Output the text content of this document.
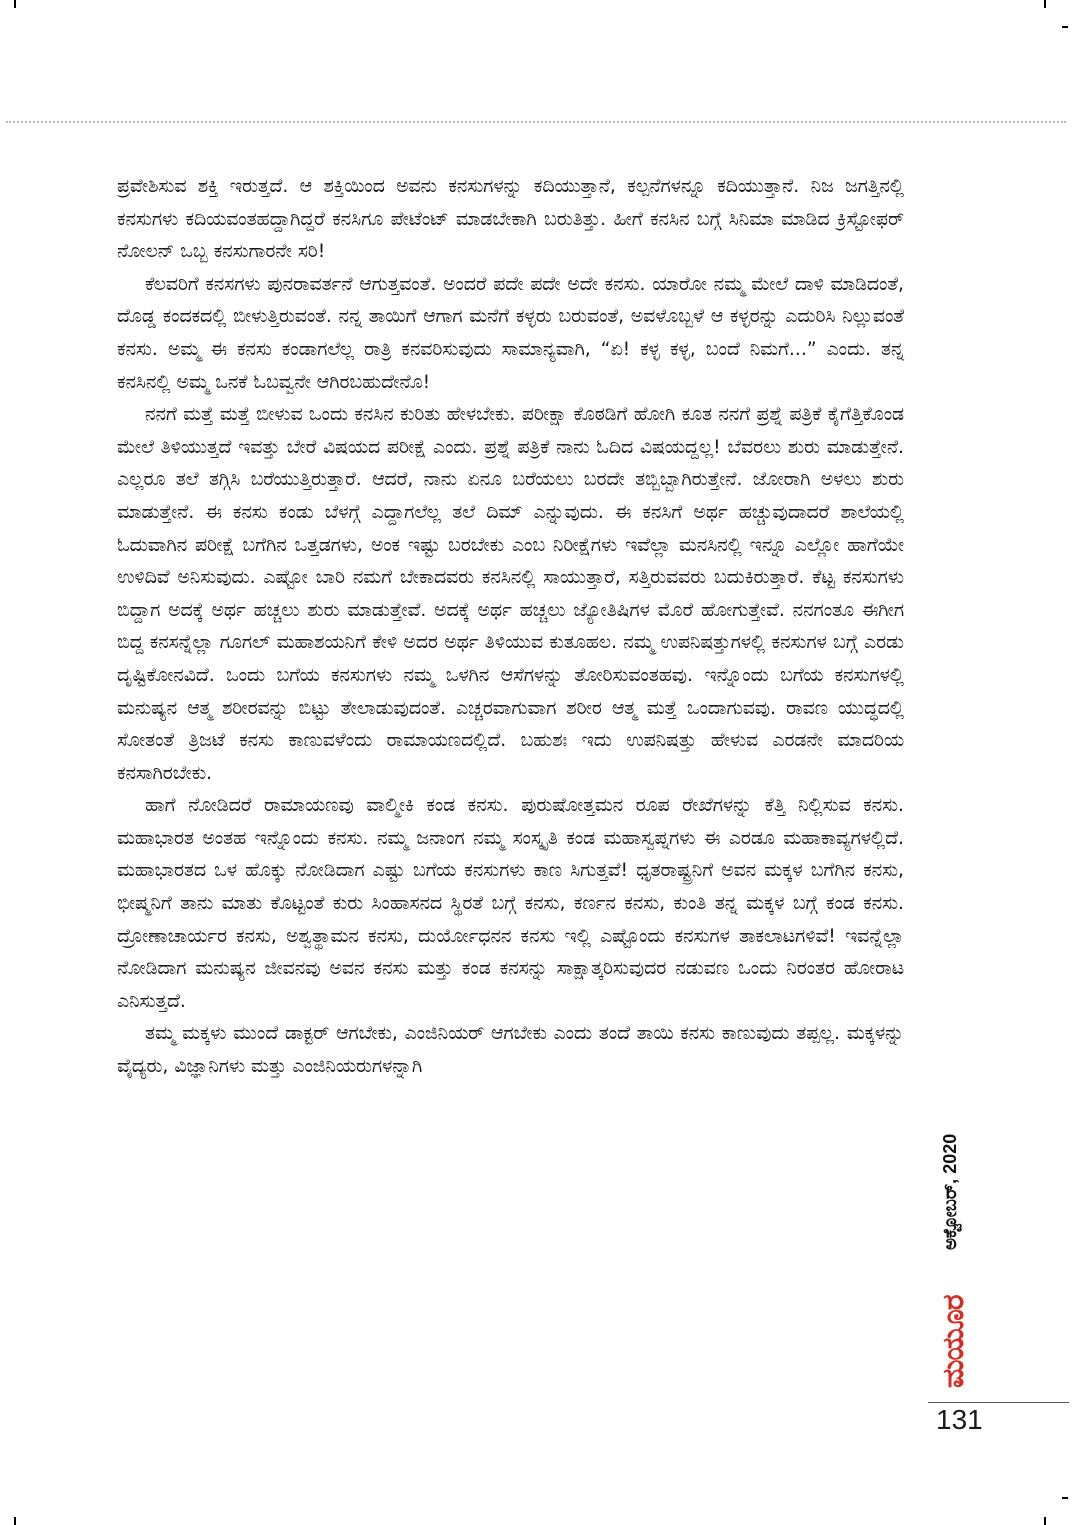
ಪ್ರವೇಶಿಸುವ ಶಕ್ತಿ ಇರುತ್ತದೆ. ಆ ಶಕ್ತಿಯಿಂದ ಅವನು ಕನಸುಗಳನ್ನು ಕದಿಯುತ್ತಾನೆ, ಕಲ್ಪನೆಗಳನ್ನೂ ಕದಿಯುತ್ತಾನೆ. ನಿಜ ಜಗತ್ತಿನಲ್ಲಿ ಕನಸುಗಳು ಕದಿಯವಂತಹದ್ದಾಗಿದ್ದರೆ ಕನಸಿಗೂ ಪೇಟೆಂಟ್ ಮಾಡಬೇಕಾಗಿ ಬರುತಿತ್ತು. ಹೀಗೆ ಕನಸಿನ ಬಗ್ಗೆ ಸಿನಿಮಾ ಮಾಡಿದ ಕ್ರಿಸ್ಟೋಫರ್ ನೋಲನ್ ಒಬ್ಬ ಕನಸುಗಾರನೇ ಸರಿ!

ಕೆಲವರಿಗೆ ಕನಸಗಳು ಪುನರಾವರ್ತನೆ ಆಗುತ್ತವಂತೆ. ಅಂದರೆ ಪದೇ ಪದೇ ಅದೇ ಕನಸು. ಯಾರೋ ನಮ್ಮ ಮೇಲೆ ದಾಳಿ ಮಾಡಿದಂತೆ, ದೊಡ್ಡ ಕಂದಕದಲ್ಲಿ ಬೀಳುತ್ತಿರುವಂತೆ. ನನ್ನ ತಾಯಿಗೆ ಆಗಾಗ ಮನೆಗೆ ಕಳ್ಳರು ಬರುವಂತೆ, ಅವಳೊಬ್ಬಳೆ ಆ ಕಳ್ಳರನ್ನು ಎದುರಿಸಿ ನಿಲ್ಲುವಂತೆ ಕನಸು. ಅಮ್ಮ ಈ ಕನಸು ಕಂಡಾಗಲೆಲ್ಲ ರಾತ್ರಿ ಕನವರಿಸುವುದು ಸಾಮಾನ್ಯವಾಗಿ, “ಏ! ಕಳ್ಳ ಕಳ್ಳ, ಬಂದೆ ನಿಮಗೆ...” ಎಂದು. ತನ್ನ ಕನಸಿನಲ್ಲಿ ಅಮ್ಮ ಒನಕೆ ಓಬವ್ವನೇ ಆಗಿರಬಹುದೇನೊ!

ನನಗೆ ಮತ್ತೆ ಮತ್ತೆ ಬೀಳುವ ಒಂದು ಕನಸಿನ ಕುರಿತು ಹೇಳಬೇಕು. ಪರೀಕ್ಷಾ ಕೊಠಡಿಗೆ ಹೋಗಿ ಕೂತ ನನಗೆ ಪ್ರಶ್ನೆ ಪತ್ರಿಕೆ ಕೈಗೆತ್ತಿಕೊಂಡ ಮೇಲೆ ತಿಳಿಯುತ್ತದೆ ಇವತ್ತು ಬೇರೆ ವಿಷಯದ ಪರೀಕ್ಷೆ ಎಂದು. ಪ್ರಶ್ನೆ ಪತ್ರಿಕೆ ನಾನು ಓದಿದ ವಿಷಯದ್ದಲ್ಲ! ಬೆವರಲು ಶುರು ಮಾಡುತ್ತೇನೆ. ಎಲ್ಲರೂ ತಲೆ ತಗ್ಗಿಸಿ ಬರೆಯುತ್ತಿರುತ್ತಾರೆ. ಆದರೆ, ನಾನು ಏನೂ ಬರೆಯಲು ಬರದೇ ತಬ್ಬಿಬ್ಬಾಗಿರುತ್ತೇನೆ. ಜೋರಾಗಿ ಅಳಲು ಶುರು ಮಾಡುತ್ತೇನೆ. ಈ ಕನಸು ಕಂಡು ಬೆಳಗ್ಗೆ ಎದ್ದಾಗಲೆಲ್ಲ ತಲೆ ದಿಮ್ ಎನ್ನುವುದು. ಈ ಕನಸಿಗೆ ಅರ್ಥ ಹಚ್ಚುವುದಾದರೆ ಶಾಲೆಯಲ್ಲಿ ಓದುವಾಗಿನ ಪರೀಕ್ಷೆ ಬಗೆಗಿನ ಒತ್ತಡಗಳು, ಅಂಕ ಇಷ್ಟು ಬರಬೇಕು ಎಂಬ ನಿರೀಕ್ಷೆಗಳು ಇವೆಲ್ಲಾ ಮನಸಿನಲ್ಲಿ ಇನ್ನೂ ಎಲ್ಲೋ ಹಾಗೆಯೇ ಉಳಿದಿವೆ ಅನಿಸುವುದು. ಎಷ್ಟೋ ಬಾರಿ ನಮಗೆ ಬೇಕಾದವರು ಕನಸಿನಲ್ಲಿ ಸಾಯುತ್ತಾರೆ, ಸತ್ತಿರುವವರು ಬದುಕಿರುತ್ತಾರೆ. ಕೆಟ್ಟ ಕನಸುಗಳು ಬಿದ್ದಾಗ ಅದಕ್ಕೆ ಅರ್ಥ ಹಚ್ಚಲು ಶುರು ಮಾಡುತ್ತೇವೆ. ಅದಕ್ಕೆ ಅರ್ಥ ಹಚ್ಚಲು ಜ್ಯೋತಿಷಿಗಳ ಮೊರೆ ಹೋಗುತ್ತೇವೆ. ನನಗಂತೂ ಈಗೀಗ ಬಿದ್ದ ಕನಸನ್ನೆಲ್ಲಾ ಗೂಗಲ್ ಮಹಾಶಯನಿಗೆ ಕೇಳಿ ಅದರ ಅರ್ಥ ತಿಳಿಯುವ ಕುತೂಹಲ. ನಮ್ಮ ಉಪನಿಷತ್ತುಗಳಲ್ಲಿ ಕನಸುಗಳ ಬಗ್ಗೆ ಎರಡು ದೃಷ್ಟಿಕೋನವಿದೆ. ಒಂದು ಬಗೆಯ ಕನಸುಗಳು ನಮ್ಮ ಒಳಗಿನ ಆಸೆಗಳನ್ನು ತೋರಿಸುವಂತಹವು. ಇನ್ನೊಂದು ಬಗೆಯ ಕನಸುಗಳಲ್ಲಿ ಮನುಷ್ಯನ ಆತ್ಮ ಶರೀರವನ್ನು ಬಿಟ್ಟು ತೇಲಾಡುವುದಂತೆ. ಎಚ್ಚರವಾಗುವಾಗ ಶರೀರ ಆತ್ಮ ಮತ್ತೆ ಒಂದಾಗುವವು. ರಾವಣ ಯುದ್ಧದಲ್ಲಿ ಸೋತಂತೆ ತ್ರಿಜಟೆ ಕನಸು ಕಾಣುವಳೆಂದು ರಾಮಾಯಣದಲ್ಲಿದೆ. ಬಹುಶಃ ಇದು ಉಪನಿಷತ್ತು ಹೇಳುವ ಎರಡನೇ ಮಾದರಿಯ ಕನಸಾಗಿರಬೇಕು.

ಹಾಗೆ ನೋಡಿದರೆ ರಾಮಾಯಣವು ವಾಲ್ಮೀಕಿ ಕಂಡ ಕನಸು. ಪುರುಷೋತ್ತಮನ ರೂಪ ರೇಖೆಗಳನ್ನು ಕೆತ್ತಿ ನಿಲ್ಲಿಸುವ ಕನಸು. ಮಹಾಭಾರತ ಅಂತಹ ಇನ್ನೊಂದು ಕನಸು. ನಮ್ಮ ಜನಾಂಗ ನಮ್ಮ ಸಂಸ್ಕೃತಿ ಕಂಡ ಮಹಾಸ್ವಪ್ನಗಳು ಈ ಎರಡೂ ಮಹಾಕಾವ್ಯಗಳಲ್ಲಿದೆ. ಮಹಾಭಾರತದ ಒಳ ಹೊಕ್ಕು ನೋಡಿದಾಗ ಎಷ್ಟು ಬಗೆಯ ಕನಸುಗಳು ಕಾಣ ಸಿಗುತ್ತವೆ! ಧೃತರಾಷ್ಟ್ರನಿಗೆ ಅವನ ಮಕ್ಕಳ ಬಗೆಗಿನ ಕನಸು, ಭೀಷ್ಮನಿಗೆ ತಾನು ಮಾತು ಕೊಟ್ಟಂತೆ ಕುರು ಸಿಂಹಾಸನದ ಸ್ಥಿರತೆ ಬಗ್ಗೆ ಕನಸು, ಕರ್ಣನ ಕನಸು, ಕುಂತಿ ತನ್ನ ಮಕ್ಕಳ ಬಗ್ಗೆ ಕಂಡ ಕನಸು. ದ್ರೋಣಾಚಾರ್ಯರ ಕನಸು, ಅಶ್ವತ್ಥಾಮನ ಕನಸು, ದುರ್ಯೋಧನನ ಕನಸು ಇಲ್ಲಿ ಎಷ್ಟೊಂದು ಕನಸುಗಳ ತಾಕಲಾಟಗಳಿವೆ! ಇವನ್ನೆಲ್ಲಾ ನೋಡಿದಾಗ ಮನುಷ್ಯನ ಜೀವನವು ಅವನ ಕನಸು ಮತ್ತು ಕಂಡ ಕನಸನ್ನು ಸಾಕ್ಷಾತ್ಕರಿಸುವುದರ ನಡುವಣ ಒಂದು ನಿರಂತರ ಹೋರಾಟ ಎನಿಸುತ್ತದೆ.

ತಮ್ಮ ಮಕ್ಕಳು ಮುಂದೆ ಡಾಕ್ಟರ್ ಆಗಬೇಕು, ಎಂಜಿನಿಯರ್ ಆಗಬೇಕು ಎಂದು ತಂದೆ ತಾಯಿ ಕನಸು ಕಾಣುವುದು ತಪ್ಪಲ್ಲ. ಮಕ್ಕಳನ್ನು ವೈದ್ಯರು, ವಿಜ್ಞಾನಿಗಳು ಮತ್ತು ಎಂಜಿನಿಯರುಗಳನ್ನಾಗಿ

ಅಕ್ಟೋಬರ್, 2020
ಮಯೂರ
131
